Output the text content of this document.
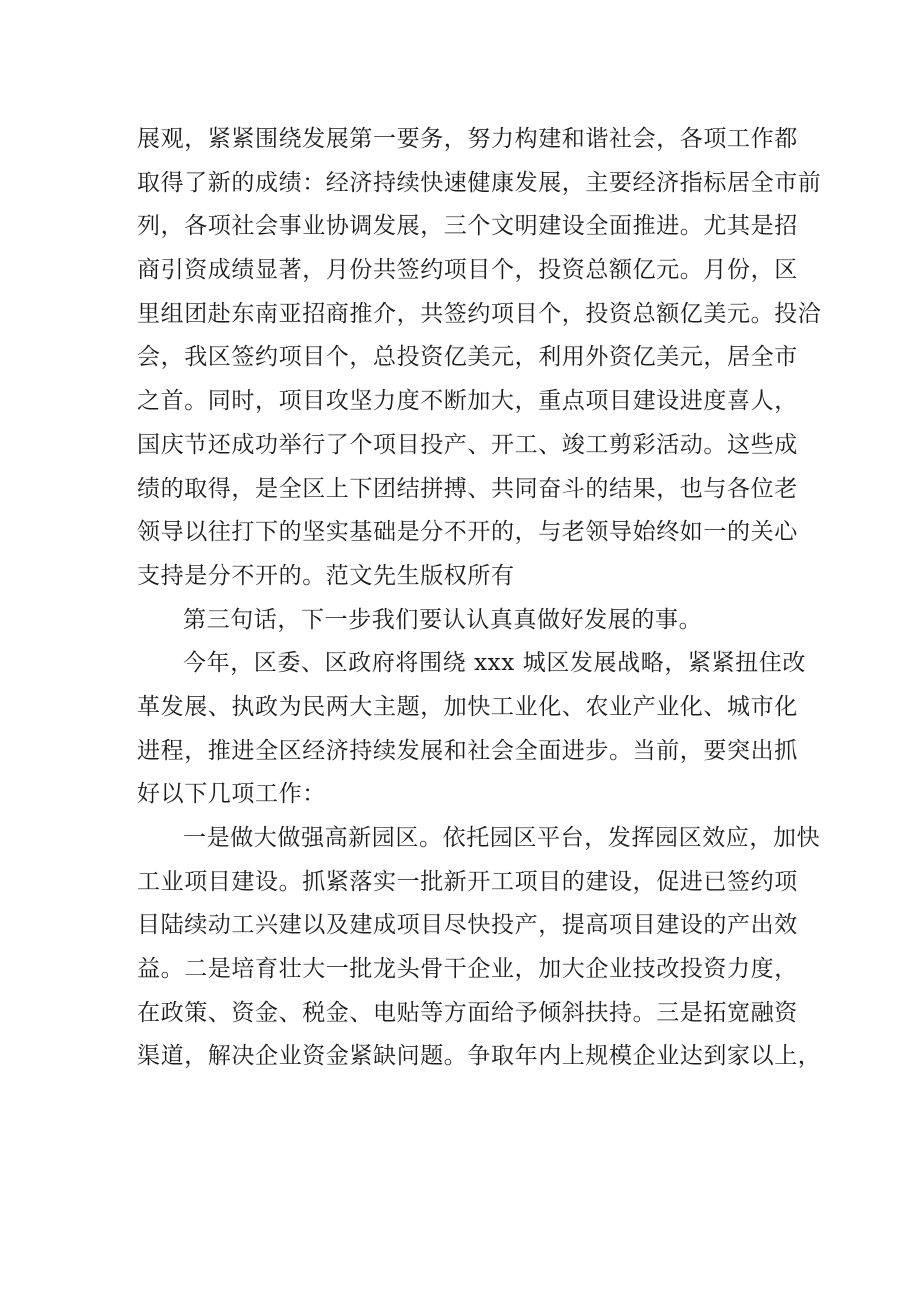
展观，紧紧围绕发展第一要务，努力构建和谐社会，各项工作都
取得了新的成绩：经济持续快速健康发展，主要经济指标居全市前
列，各项社会事业协调发展，三个文明建设全面推进。尤其是招
商引资成绩显著，月份共签约项目个，投资总额亿元。月份，区
里组团赴东南亚招商推介，共签约项目个，投资总额亿美元。投洽
会，我区签约项目个，总投资亿美元，利用外资亿美元，居全市
之首。同时，项目攻坚力度不断加大，重点项目建设进度喜人，
国庆节还成功举行了个项目投产、开工、竣工剪彩活动。这些成
绩的取得，是全区上下团结拼搏、共同奋斗的结果，也与各位老
领导以往打下的坚实基础是分不开的，与老领导始终如一的关心
支持是分不开的。范文先生版权所有
第三句话，下一步我们要认认真真做好发展的事。
今年，区委、区政府将围绕 xxx 城区发展战略，紧紧扭住改
革发展、执政为民两大主题，加快工业化、农业产业化、城市化
进程，推进全区经济持续发展和社会全面进步。当前，要突出抓
好以下几项工作：
一是做大做强高新园区。依托园区平台，发挥园区效应，加快
工业项目建设。抓紧落实一批新开工项目的建设，促进已签约项
目陆续动工兴建以及建成项目尽快投产，提高项目建设的产出效
益。二是培育壮大一批龙头骨干企业，加大企业技改投资力度，
在政策、资金、税金、电贴等方面给予倾斜扶持。三是拓宽融资
渠道，解决企业资金紧缺问题。争取年内上规模企业达到家以上，
